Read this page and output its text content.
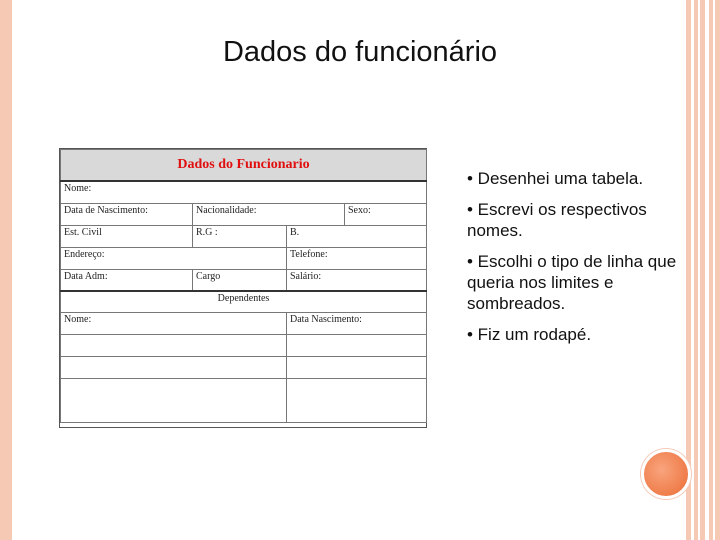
Dados do funcionário
Dados do Funcionario			
Nome:			
Data de Nascimento:	Nacionalidade:		Sexo:
Est. Civil	R.G :	B.	
Endereço:		Telefone:	
Data Adm:	Cargo	Salário:	
Dependentes			
Nome:		Data Nascimento:	

• Desenhei uma tabela.
• Escrevi os respectivos nomes.
• Escolhi o tipo de linha que queria nos limites e sombreados.
• Fiz um rodapé.
